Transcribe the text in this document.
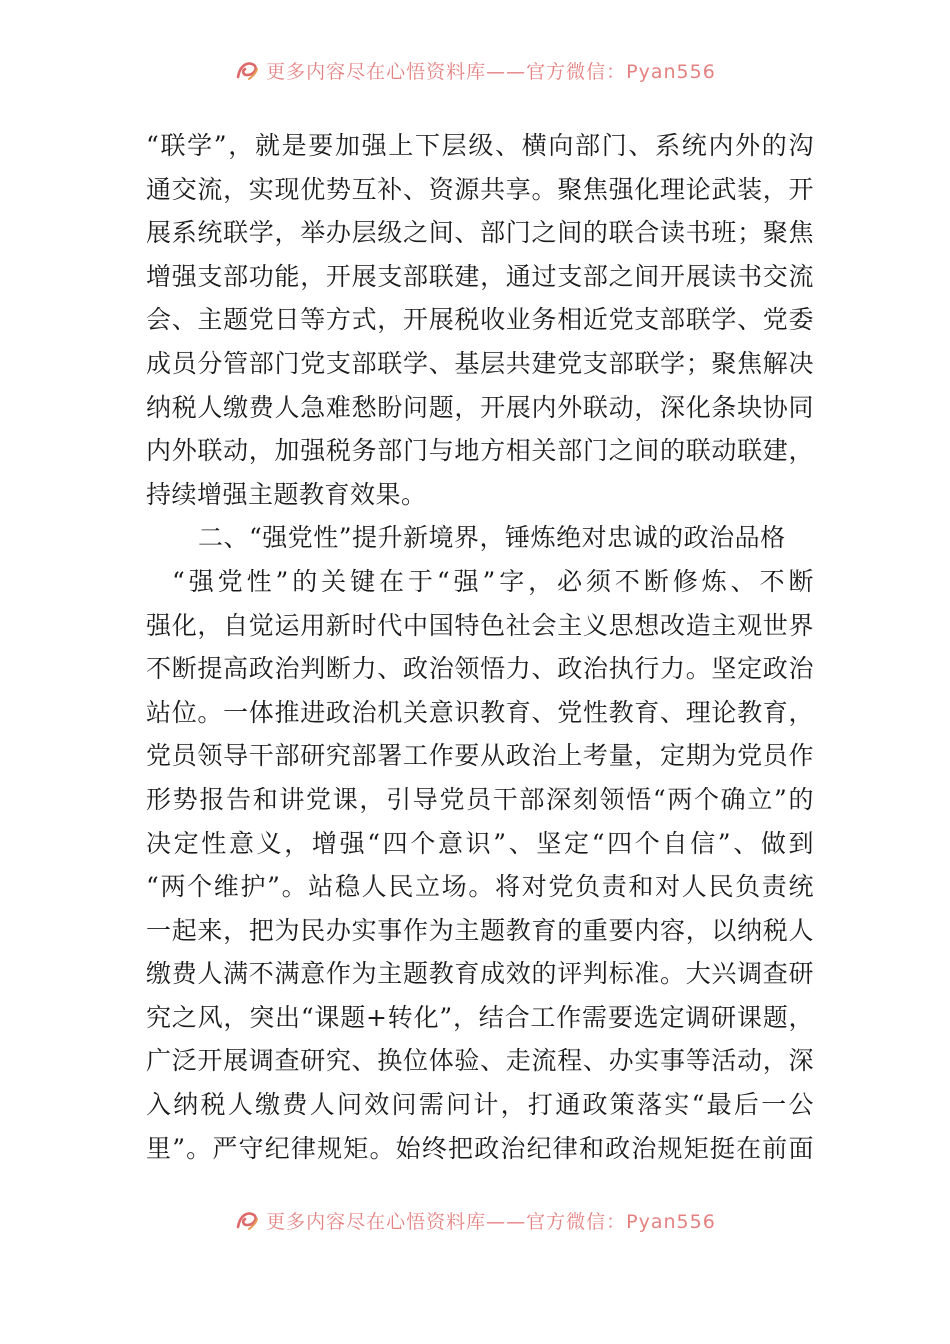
更多内容尽在心悟资料库——官方微信：Pyan556
“联学”，就是要加强上下层级、横向部门、系统内外的沟
通交流，实现优势互补、资源共享。聚焦强化理论武装，开
展系统联学，举办层级之间、部门之间的联合读书班；聚焦
增强支部功能，开展支部联建，通过支部之间开展读书交流
会、主题党日等方式，开展税收业务相近党支部联学、党委
成员分管部门党支部联学、基层共建党支部联学；聚焦解决
纳税人缴费人急难愁盼问题，开展内外联动，深化条块协同
内外联动，加强税务部门与地方相关部门之间的联动联建，
持续增强主题教育效果。
二、“强党性”提升新境界，锤炼绝对忠诚的政治品格
“强党性”的关键在于“强”字，必须不断修炼、不断
强化，自觉运用新时代中国特色社会主义思想改造主观世界
不断提高政治判断力、政治领悟力、政治执行力。坚定政治
站位。一体推进政治机关意识教育、党性教育、理论教育，
党员领导干部研究部署工作要从政治上考量，定期为党员作
形势报告和讲党课，引导党员干部深刻领悟“两个确立”的
决定性意义，增强“四个意识”、坚定“四个自信”、做到
“两个维护”。站稳人民立场。将对党负责和对人民负责统
一起来，把为民办实事作为主题教育的重要内容，以纳税人
缴费人满不满意作为主题教育成效的评判标准。大兴调查研
究之风，突出“课题+转化”，结合工作需要选定调研课题，
广泛开展调查研究、换位体验、走流程、办实事等活动，深
入纳税人缴费人问效问需问计，打通政策落实“最后一公
里”。严守纪律规矩。始终把政治纪律和政治规矩挺在前面
更多内容尽在心悟资料库——官方微信：Pyan556
